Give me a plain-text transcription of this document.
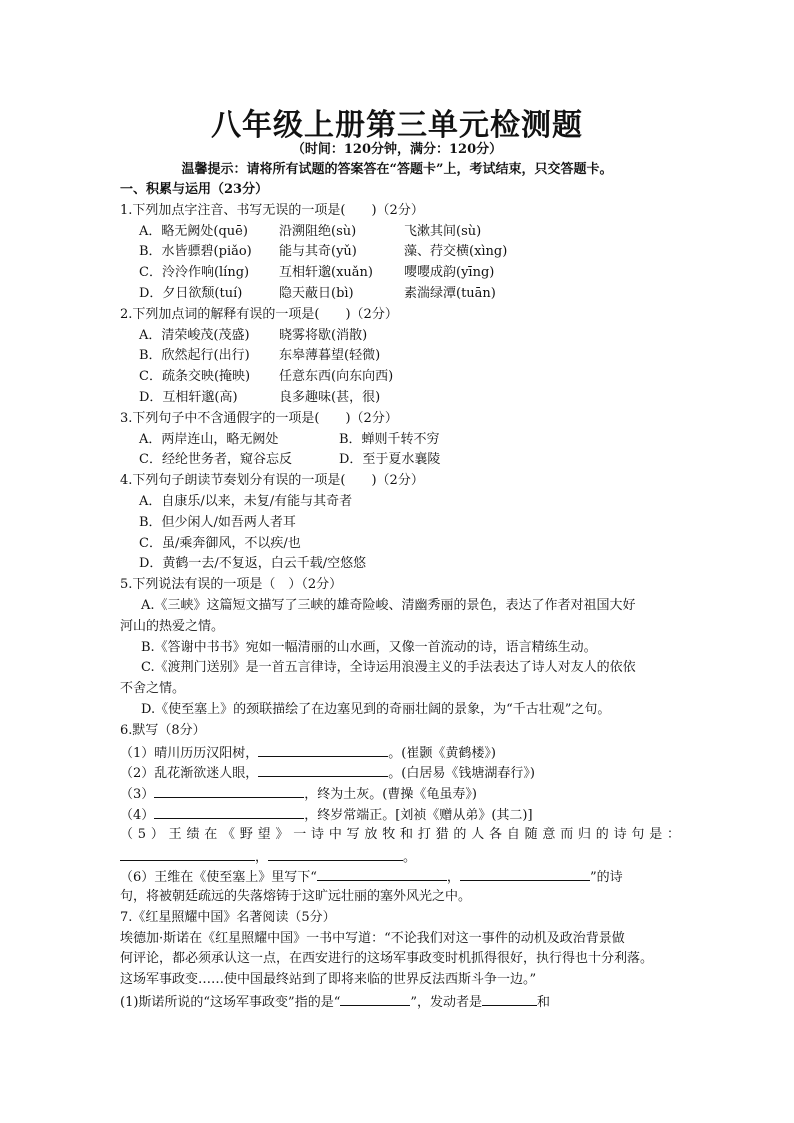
八年级上册第三单元检测题
（时间：120分钟，满分：120分）
温馨提示：请将所有试题的答案答在“答题卡”上，考试结束，只交答题卡。
一、积累与运用（23分）
1.下列加点字注音、书写无误的一项是(　　)（2分）
A．略无阙处(quē)	沿溯阻绝(sù)	飞漱其间(sù)
B．水皆骠碧(piǎo)	能与其奇(yǔ)	藻、荇交横(xìng)
C．泠泠作响(líng)	互相轩邈(xuǎn)	嘤嘤成韵(yīng)
D．夕日欲颓(tuí)	隐天蔽日(bì)	素湍绿潭(tuān)
2.下列加点词的解释有误的一项是(　　)（2分）
A．清荣峻茂(茂盛)	晓雾将歇(消散)
B．欣然起行(出行)	东皋薄暮望(轻微)
C．疏条交映(掩映)	任意东西(向东向西)
D．互相轩邈(高)	良多趣味(甚，很)
3.下列句子中不含通假字的一项是(　　)（2分）
A．两岸连山，略无阙处	B．蝉则千转不穷
C．经纶世务者，窥谷忘反	D．至于夏水襄陵
4.下列句子朗读节奏划分有误的一项是(　　)（2分）
A．自康乐/以来，未复/有能与其奇者
B．但少闲人/如吾两人者耳
C．虽/乘奔御风，不以疾/也
D．黄鹤一去/不复返，白云千载/空悠悠
5.下列说法有误的一项是（　）（2分）
A.《三峡》这篇短文描写了三峡的雄奇险峻、清幽秀丽的景色，表达了作者对祖国大好
河山的热爱之情。
B.《答谢中书书》宛如一幅清丽的山水画，又像一首流动的诗，语言精练生动。
C.《渡荆门送别》是一首五言律诗，全诗运用浪漫主义的手法表达了诗人对友人的依依
不舍之情。
D.《使至塞上》的颈联描绘了在边塞见到的奇丽壮阔的景象，为“千古壮观”之句。
6.默写（8分）
（1）晴川历历汉阳树，	。(崔颢《黄鹤楼》)
（2）乱花渐欲迷人眼，	。(白居易《钱塘湖春行》)
（3）	，终为土灰。(曹操《龟虽寿》)
（4）	，终岁常端正。[刘祯《赠从弟》(其二)]
（5）王绩在《野望》一诗中写放牧和打猎的人各自随意而归的诗句是：
，	。
（6）王维在《使至塞上》里写下“	，	”的诗
句，将被朝廷疏远的失落熔铸于这旷远壮丽的塞外风光之中。
7.《红星照耀中国》名著阅读（5分）
埃德加·斯诺在《红星照耀中国》一书中写道：“不论我们对这一事件的动机及政治背景做
何评论，都必须承认这一点，在西安进行的这场军事政变时机抓得很好，执行得也十分利落。
这场军事政变……使中国最终站到了即将来临的世界反法西斯斗争一边。”
(1)斯诺所说的“这场军事政变”指的是“	”，发动者是	和
